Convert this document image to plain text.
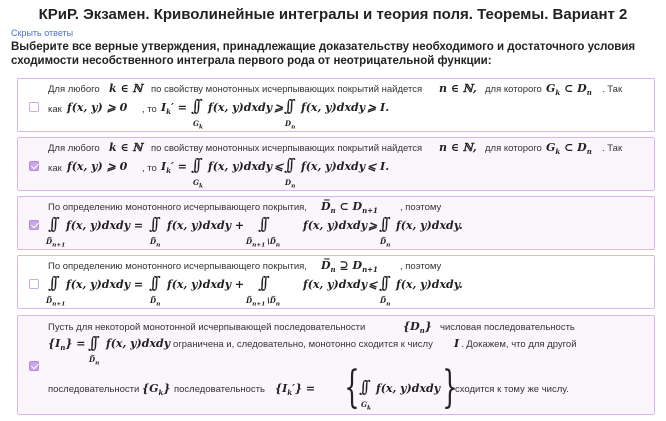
КРиР. Экзамен. Криволинейные интегралы и теория поля. Теоремы. Вариант 2
Скрыть ответы
Выберите все верные утверждения, принадлежащие доказательству необходимого и достаточного условия сходимости несобственного интеграла первого рода от неотрицательной функции:
Для любого k ∈ ℕ по свойству монотонных исчерпывающих покрытий найдется n ∈ ℕ, для которого $G_k$ ⊂ $D_n$ . Так
как f(x, y) ⩾ 0 , то $I_k'$ = ∫∫
$G_k$
f(x, y)dxdy ⩾ ∫∫
$D_n$
f(x, y)dxdy ⩾ I.
Для любого k ∈ ℕ по свойству монотонных исчерпывающих покрытий найдется n ∈ ℕ, для которого $G_k$ ⊂ $D_n$ . Так
как f(x, y) ⩾ 0 , то $I_k'$ = ∫∫
$G_k$
f(x, y)dxdy ⩽ ∫∫
$D_n$
f(x, y)dxdy ⩽ I.
По определению монотонного исчерпывающего покрытия, $D̅_n$ ⊂ $D_{n+1}$ , поэтому
∫∫
$D̅_{n+1}$
f(x, y)dxdy = ∫∫
$D̅_n$
f(x, y)dxdy + ∫∫
$D̅_{n+1}∖D̅_n$
f(x, y)dxdy ⩾ ∫∫
$D̅_n$
f(x, y)dxdy.
По определению монотонного исчерпывающего покрытия, $D̅_n$ ⊇ $D_{n+1}$ , поэтому
∫∫
$D̅_{n+1}$
f(x, y)dxdy = ∫∫
$D̅_n$
f(x, y)dxdy + ∫∫
$D̅_{n+1}∖D̅_n$
f(x, y)dxdy ⩽ ∫∫
$D̅_n$
f(x, y)dxdy.
Пусть для некоторой монотонной исчерпывающей последовательности	$\{D_n\}$ числовая последовательность
$\{I_n\}$ = ∫∫
$D̅_n$
f(x, y)dxdy ограничена и, следовательно, монотонно сходится к числу I . Докажем, что для другой
последовательности $\{G_k\}$ последовательность $\{I_k'\}$ = { ∫∫
$G_k$
f(x, y)dxdy }
сходится к тому же числу.
